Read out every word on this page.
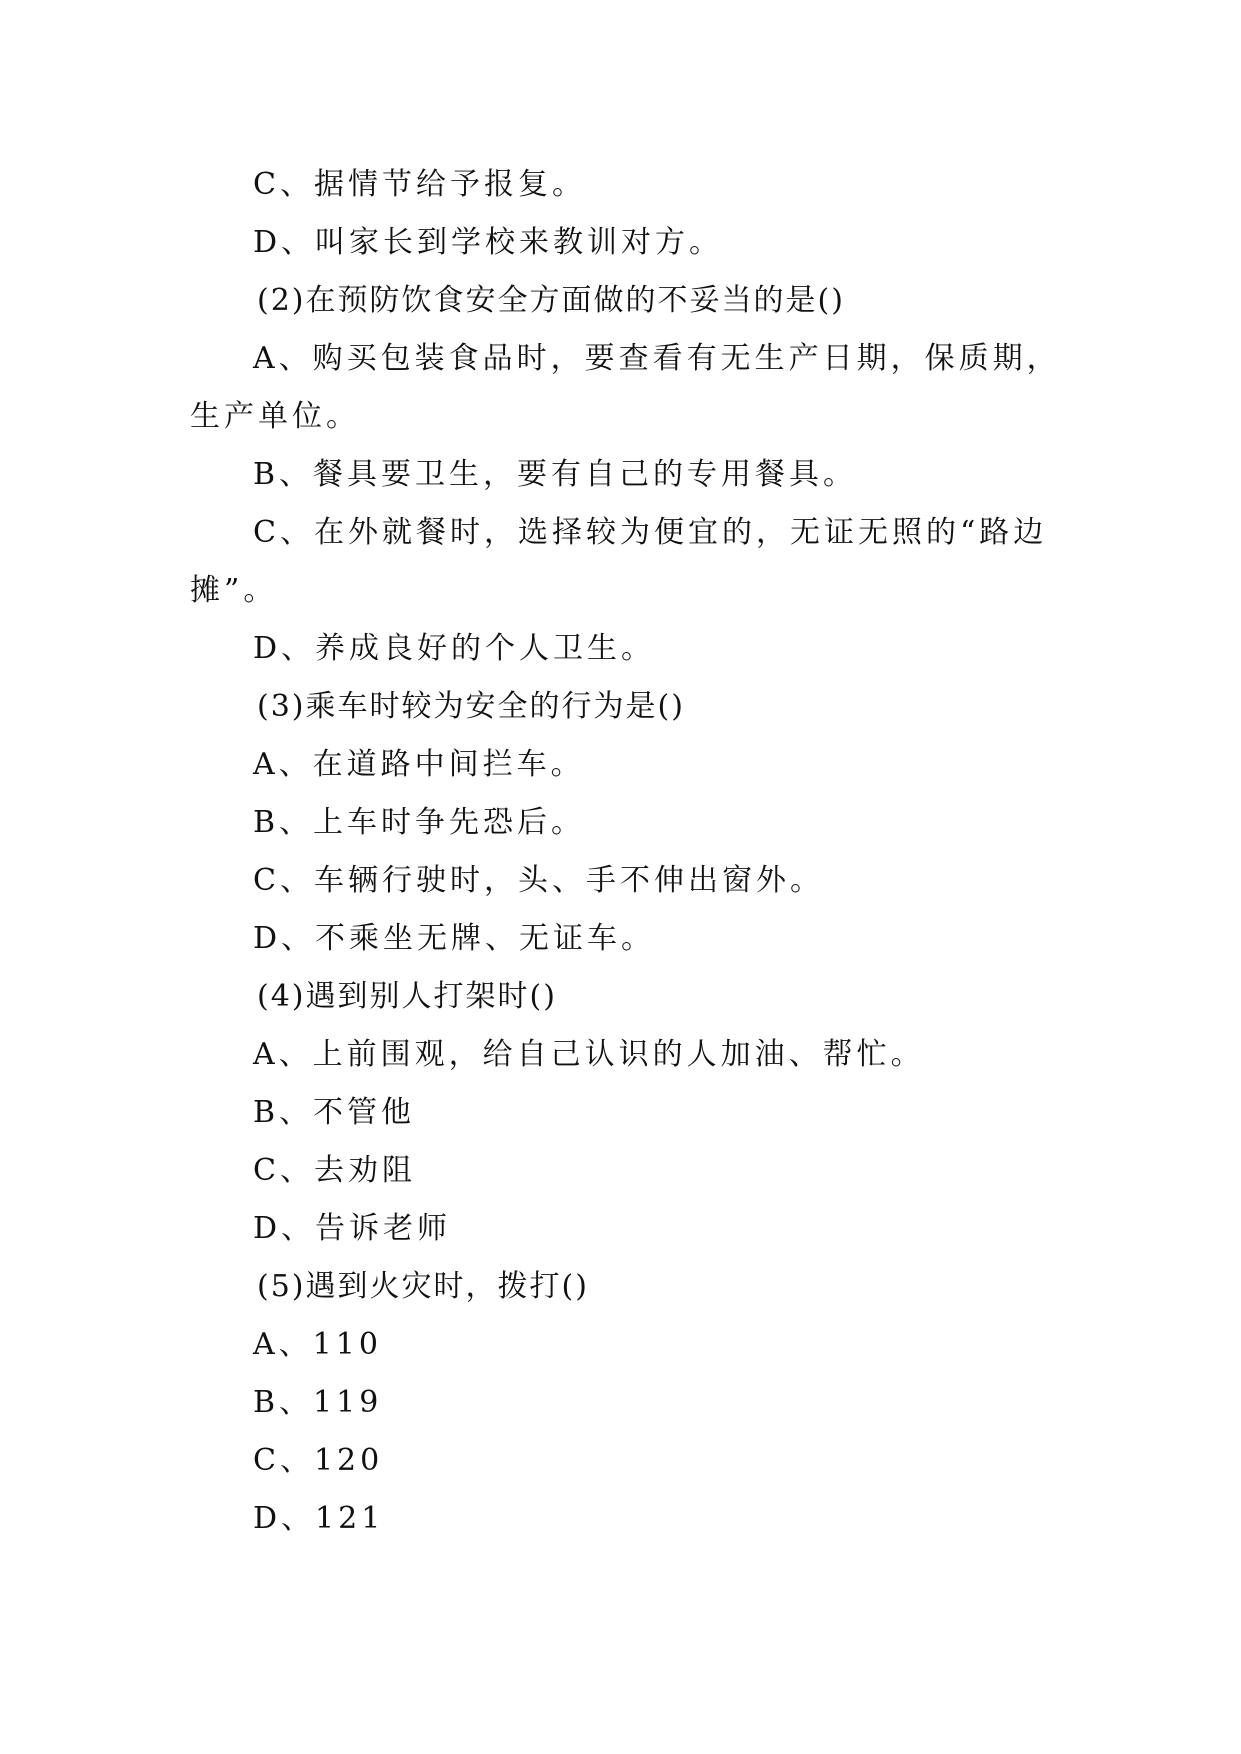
C、据情节给予报复。
D、叫家长到学校来教训对方。
(2)在预防饮食安全方面做的不妥当的是()
A、购买包装食品时，要查看有无生产日期，保质期，
生产单位。
B、餐具要卫生，要有自己的专用餐具。
C、在外就餐时，选择较为便宜的，无证无照的“路边
摊”。
D、养成良好的个人卫生。
(3)乘车时较为安全的行为是()
A、在道路中间拦车。
B、上车时争先恐后。
C、车辆行驶时，头、手不伸出窗外。
D、不乘坐无牌、无证车。
(4)遇到别人打架时()
A、上前围观，给自己认识的人加油、帮忙。
B、不管他
C、去劝阻
D、告诉老师
(5)遇到火灾时，拨打()
A、110
B、119
C、120
D、121
